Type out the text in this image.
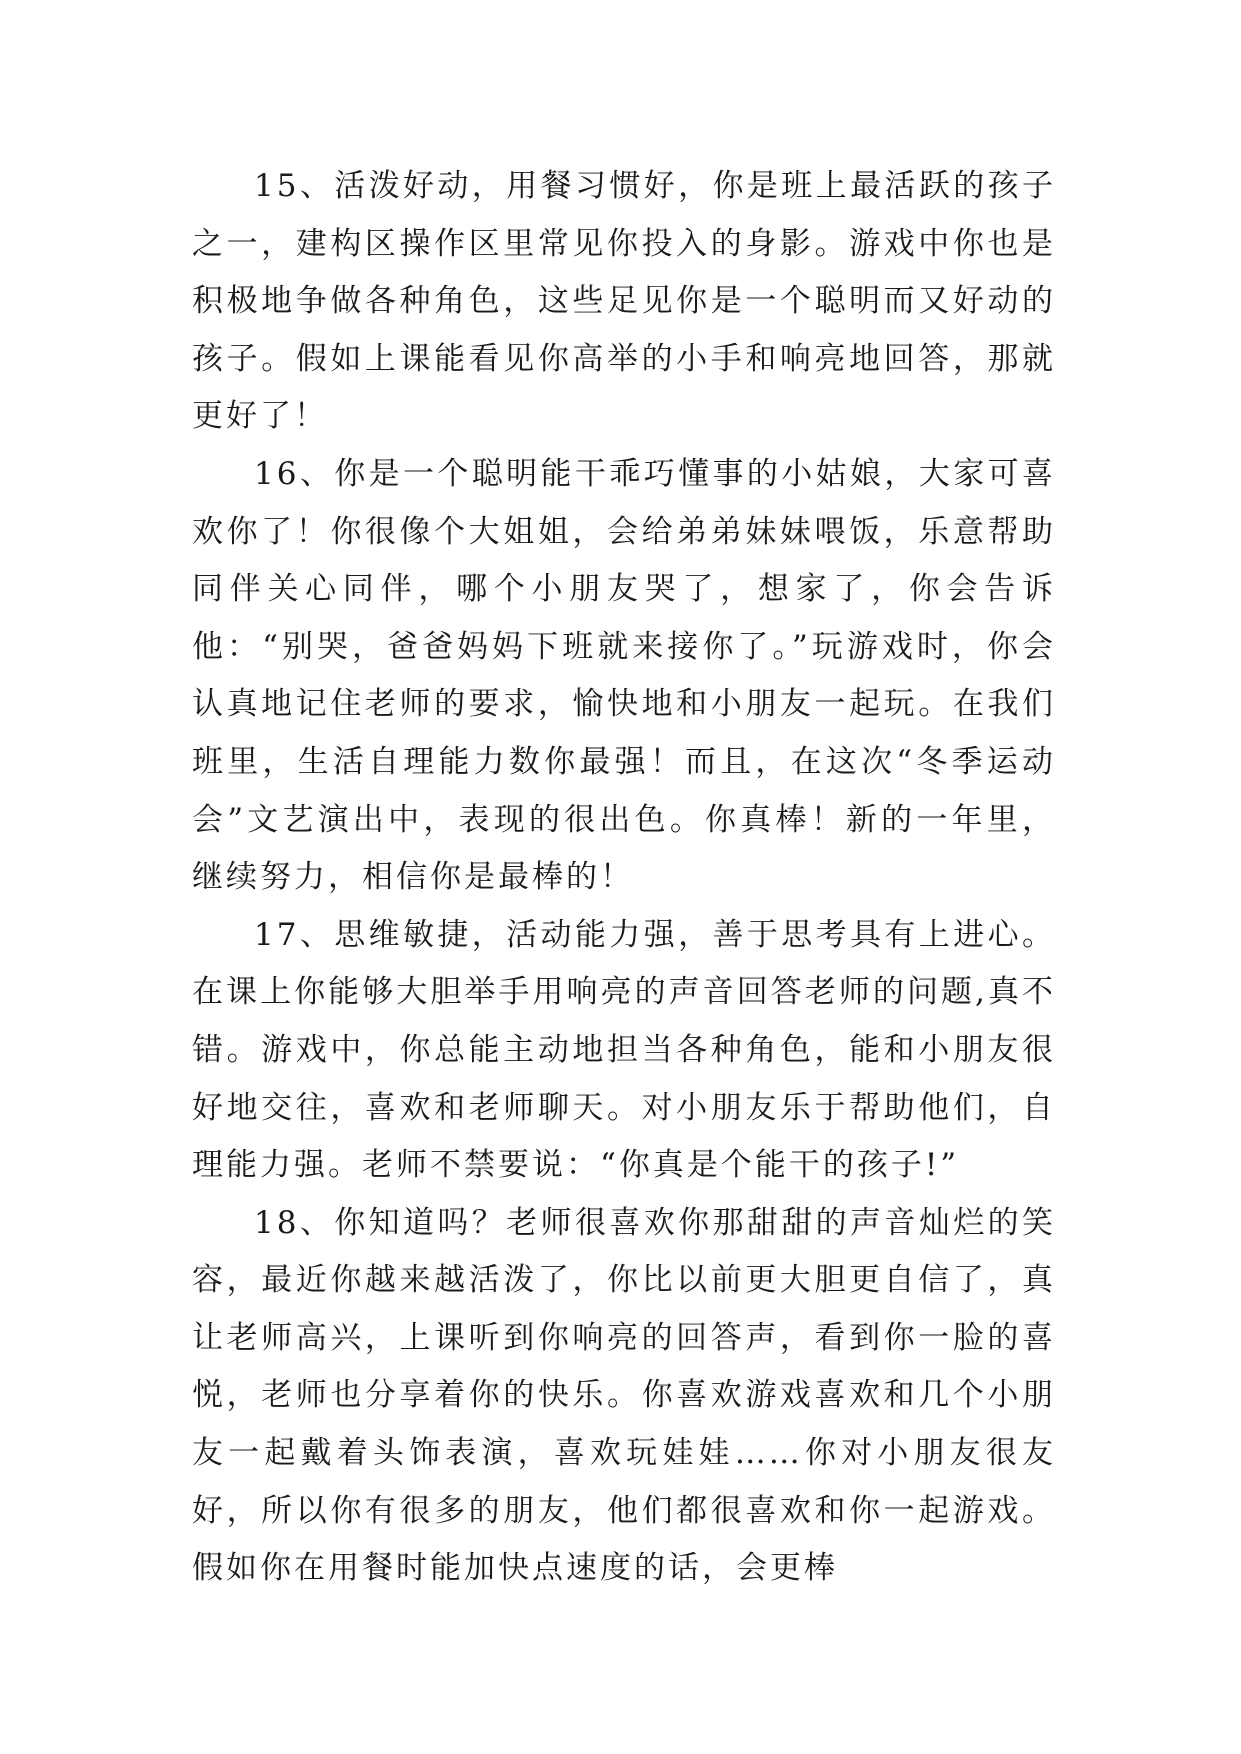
15、活泼好动，用餐习惯好，你是班上最活跃的孩子之一，建构区操作区里常见你投入的身影。游戏中你也是积极地争做各种角色，这些足见你是一个聪明而又好动的孩子。假如上课能看见你高举的小手和响亮地回答，那就更好了！

16、你是一个聪明能干乖巧懂事的小姑娘，大家可喜欢你了！你很像个大姐姐，会给弟弟妹妹喂饭，乐意帮助同伴关心同伴，哪个小朋友哭了，想家了，你会告诉他：“别哭，爸爸妈妈下班就来接你了。”玩游戏时，你会认真地记住老师的要求，愉快地和小朋友一起玩。在我们班里，生活自理能力数你最强！而且，在这次“冬季运动会”文艺演出中，表现的很出色。你真棒！新的一年里，继续努力，相信你是最棒的！

17、思维敏捷，活动能力强，善于思考具有上进心。在课上你能够大胆举手用响亮的声音回答老师的问题,真不错。游戏中，你总能主动地担当各种角色，能和小朋友很好地交往，喜欢和老师聊天。对小朋友乐于帮助他们，自理能力强。老师不禁要说：“你真是个能干的孩子!”

18、你知道吗？老师很喜欢你那甜甜的声音灿烂的笑容，最近你越来越活泼了，你比以前更大胆更自信了，真让老师高兴，上课听到你响亮的回答声，看到你一脸的喜悦，老师也分享着你的快乐。你喜欢游戏喜欢和几个小朋友一起戴着头饰表演，喜欢玩娃娃……你对小朋友很友好，所以你有很多的朋友，他们都很喜欢和你一起游戏。假如你在用餐时能加快点速度的话，会更棒
